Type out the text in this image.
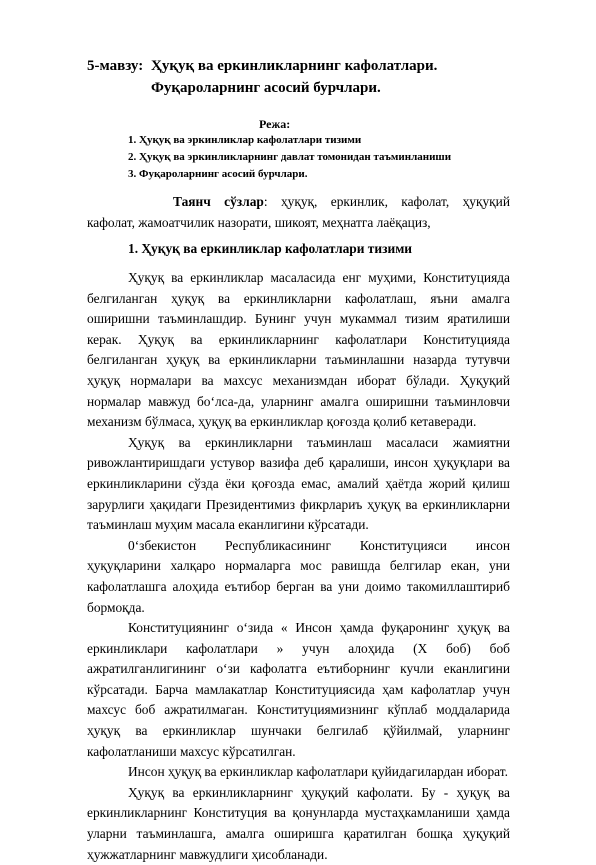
5-мавзу: Ҳуқуқ ва еркинликларнинг кафолатлари.
Фуқароларнинг асосий бурчлари.
Режа:
1. Ҳуқуқ ва эркинликлар кафолатлари тизими
2. Ҳуқуқ ва эркинликларнинг давлат томонидан таъминланиши
3. Фуқароларнинг асосий бурчлари.

Таянч сўзлар: ҳуқуқ, еркинлик, кафолат, ҳуқуқий кафолат, жамоатчилик назорати, шикоят, меҳнатга лаёқациз,

1. Ҳуқуқ ва еркинликлар кафолатлари тизими

Ҳуқуқ ва еркинликлар масаласида енг муҳими, Конституцияда белгиланган ҳуқуқ ва еркинликларни кафолатлаш, яъни амалга оширишни таъминлашдир. Бунинг учун мукаммал тизим яратилиши керак. Ҳуқуқ ва еркинликларнинг кафолатлари Конституцияда белгиланган ҳуқуқ ва еркинликларни таъминлашни назарда тутувчи ҳуқуқ нормалари ва махсус механизмдан иборат бўлади. Ҳуқуқий нормалар мавжуд бо‘лса-да, уларнинг амалга оширишни таъминловчи механизм бўлмаса, ҳуқуқ ва еркинликлар қоғозда қолиб кетаверади.

Ҳуқуқ ва еркинликларни таъминлаш масаласи жамиятни ривожлантиришдаги устувор вазифа деб қаралиши, инсон ҳуқуқлари ва еркинликларини сўзда ёки қоғозда емас, амалий ҳаётда жорий қилиш зарурлиги ҳақидаги Президентимиз фикрлариъ ҳуқуқ ва еркинликларни таъминлаш муҳим масала еканлигини кўрсатади.

0‘збекистон Республикасининг Конституцияси инсон ҳуқуқларини халқаро нормаларга мос равишда белгилар екан, уни кафолатлашга алоҳида еътибор берган ва уни доимо такомиллаштириб бормоқда.

Конституциянинг о‘зида « Инсон ҳамда фуқаронинг ҳуқуқ ва еркинликлари кафолатлари » учун алоҳида (Х боб) боб ажратилганлигининг о‘зи кафолатга еътиборнинг кучли еканлигини кўрсатади. Барча мамлакатлар Конституциясида ҳам кафолатлар учун махсус боб ажратилмаган. Конституциямизнинг кўплаб моддаларида ҳуқуқ ва еркинликлар шунчаки белгилаб қўйилмай, уларнинг кафолатланиши махсус кўрсатилган.

Инсон ҳуқуқ ва еркинликлар кафолатлари қуйидагилардан иборат.

Ҳуқуқ ва еркинликларнинг ҳуқуқий кафолати. Бу - ҳуқуқ ва еркинликларнинг Конституция ва қонунларда мустаҳкамланиши ҳамда уларни таъминлашга, амалга оширишга қаратилган бошқа ҳуқуқий ҳужжатларнинг мавжудлиги ҳисобланади.
